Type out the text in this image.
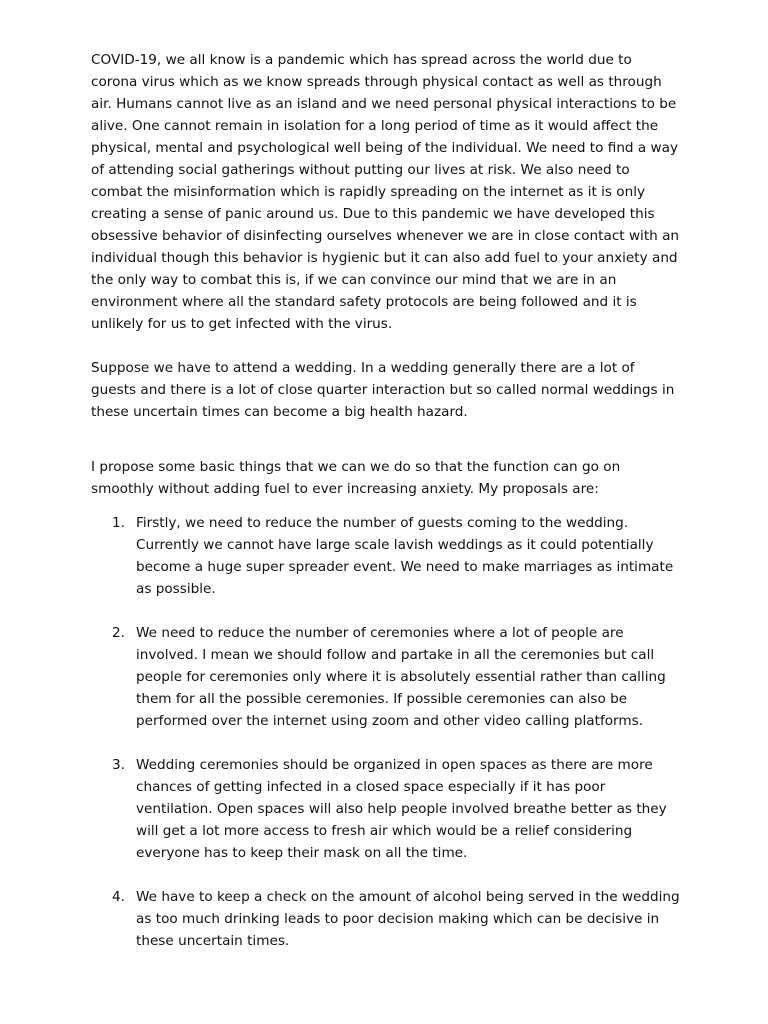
COVID-19, we all know is a pandemic which has spread across the world due to corona virus which as we know spreads through physical contact as well as through air. Humans cannot live as an island and we need personal physical interactions to be alive. One cannot remain in isolation for a long period of time as it would affect the physical, mental and psychological well being of the individual. We need to find a way of attending social gatherings without putting our lives at risk. We also need to combat the misinformation which is rapidly spreading on the internet as it is only creating a sense of panic around us. Due to this pandemic we have developed this obsessive behavior of disinfecting ourselves whenever we are in close contact with an individual though this behavior is hygienic but it can also add fuel to your anxiety and the only way to combat this is, if we can convince our mind that we are in an environment where all the standard safety protocols are being followed and it is unlikely for us to get infected with the virus.

Suppose we have to attend a wedding. In a wedding generally there are a lot of guests and there is a lot of close quarter interaction but so called normal weddings in these uncertain times can become a big health hazard.

I propose some basic things that we can we do so that the function can go on smoothly without adding fuel to ever increasing anxiety. My proposals are:

1. Firstly, we need to reduce the number of guests coming to the wedding. Currently we cannot have large scale lavish weddings as it could potentially become a huge super spreader event. We need to make marriages as intimate as possible.
2. We need to reduce the number of ceremonies where a lot of people are involved. I mean we should follow and partake in all the ceremonies but call people for ceremonies only where it is absolutely essential rather than calling them for all the possible ceremonies. If possible ceremonies can also be performed over the internet using zoom and other video calling platforms.
3. Wedding ceremonies should be organized in open spaces as there are more chances of getting infected in a closed space especially if it has poor ventilation. Open spaces will also help people involved breathe better as they will get a lot more access to fresh air which would be a relief considering everyone has to keep their mask on all the time.
4. We have to keep a check on the amount of alcohol being served in the wedding as too much drinking leads to poor decision making which can be decisive in these uncertain times.
